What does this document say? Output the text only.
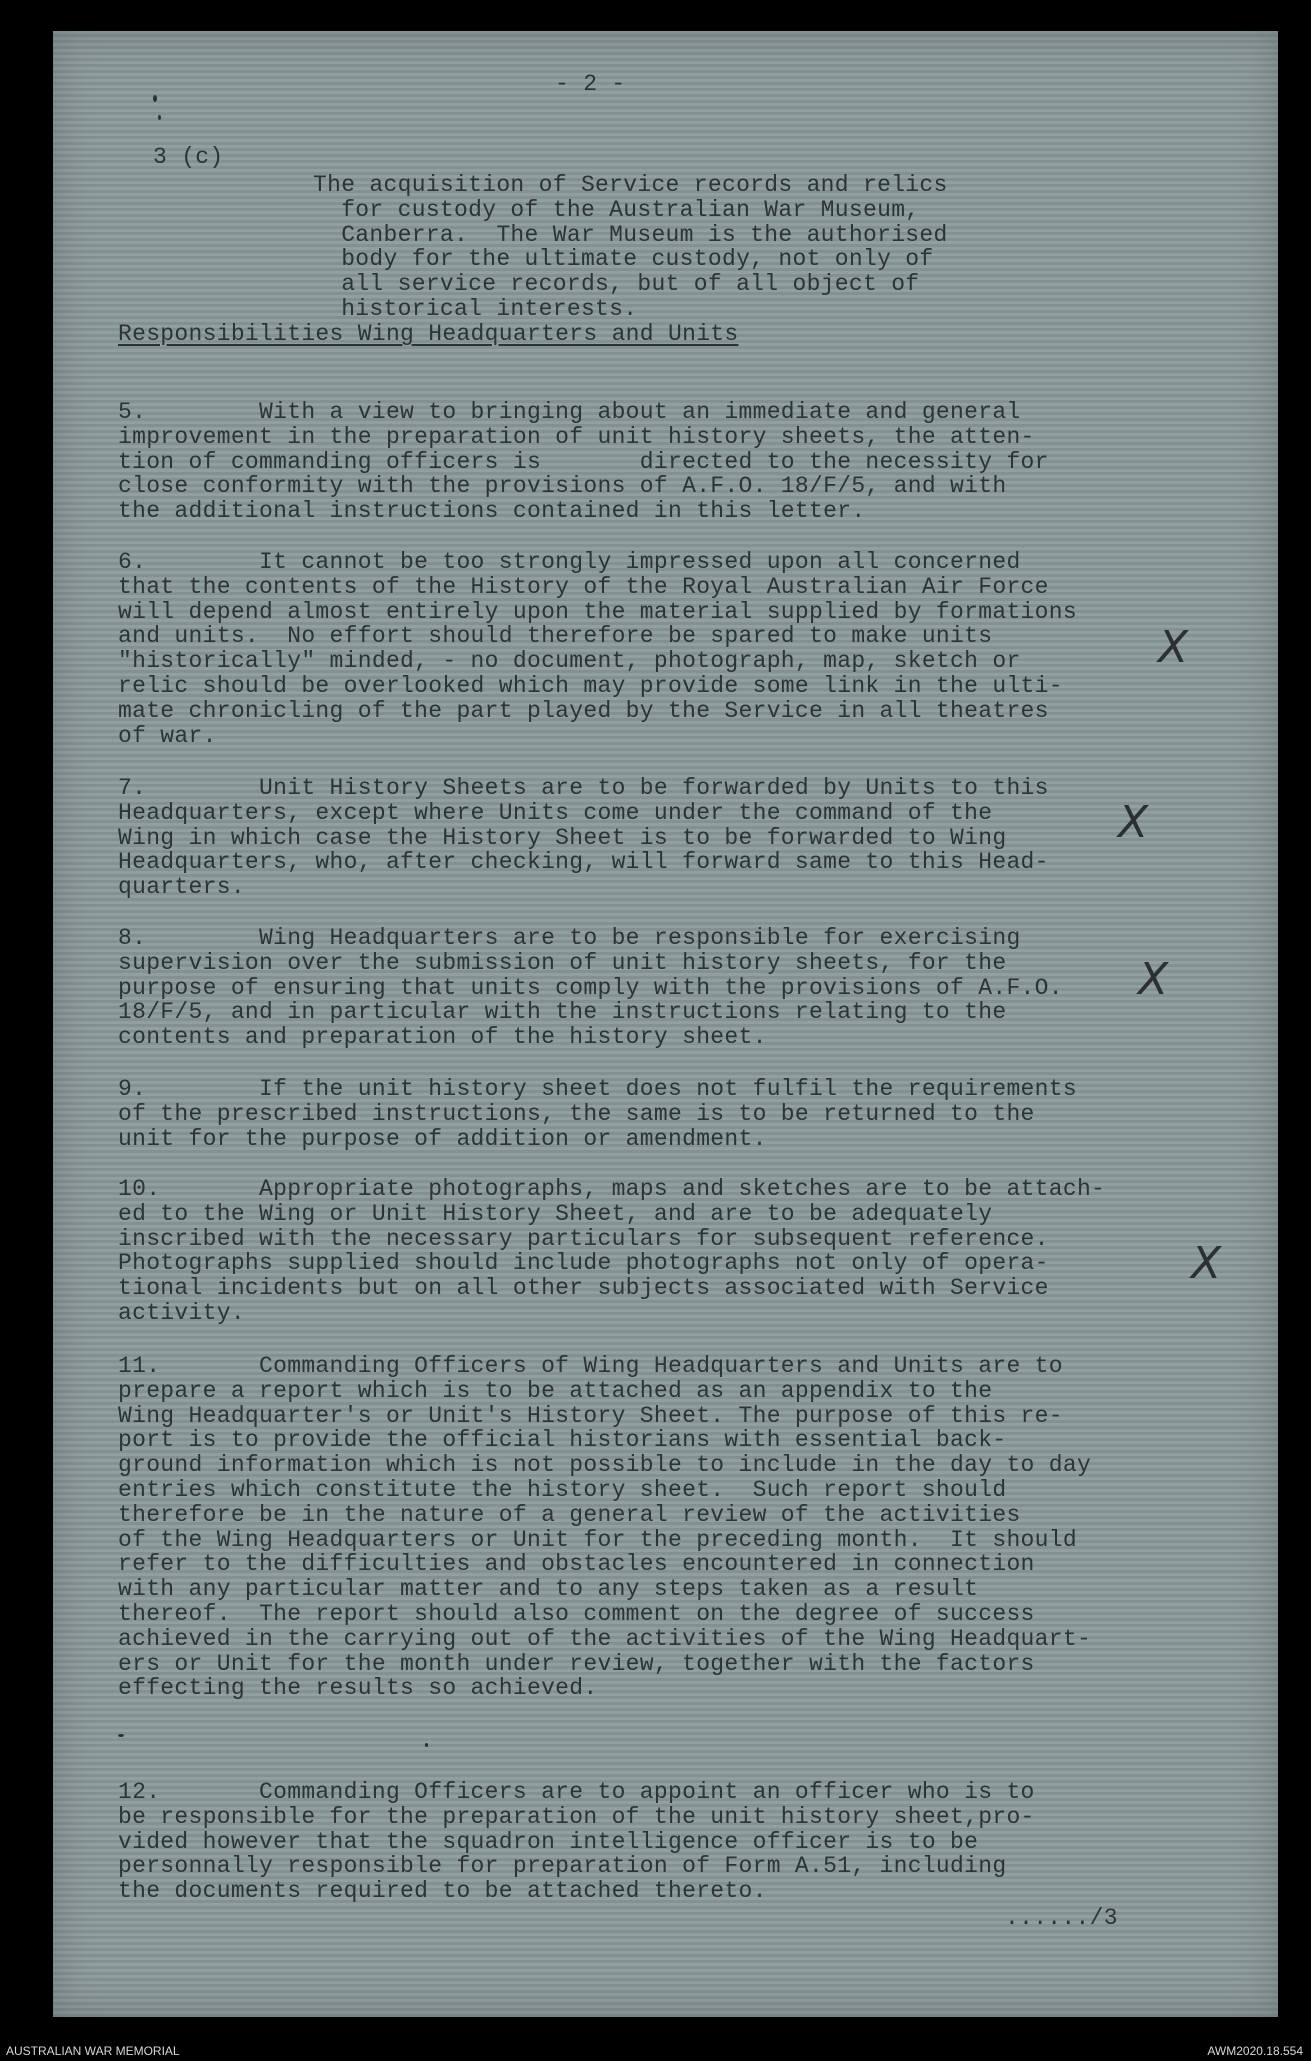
- 2 -
3 (c)

The acquisition of Service records and relics

for custody of the Australian War Museum,

Canberra.  The War Museum is the authorised

body for the ultimate custody, not only of

all service records, but of all object of

historical interests.

Responsibilities Wing Headquarters and Units

5.        With a view to bringing about an immediate and general

improvement in the preparation of unit history sheets, the atten-

tion of commanding officers is       directed to the necessity for

close conformity with the provisions of A.F.O. 18/F/5, and with

the additional instructions contained in this letter.

6.        It cannot be too strongly impressed upon all concerned

that the contents of the History of the Royal Australian Air Force

will depend almost entirely upon the material supplied by formations

and units.  No effort should therefore be spared to make units

"historically" minded, - no document, photograph, map, sketch or

relic should be overlooked which may provide some link in the ulti-

mate chronicling of the part played by the Service in all theatres

of war.

7.        Unit History Sheets are to be forwarded by Units to this

Headquarters, except where Units come under the command of the

Wing in which case the History Sheet is to be forwarded to Wing

Headquarters, who, after checking, will forward same to this Head-

quarters.

8.        Wing Headquarters are to be responsible for exercising

supervision over the submission of unit history sheets, for the

purpose of ensuring that units comply with the provisions of A.F.O.

18/F/5, and in particular with the instructions relating to the

contents and preparation of the history sheet.

9.        If the unit history sheet does not fulfil the requirements

of the prescribed instructions, the same is to be returned to the

unit for the purpose of addition or amendment.

10.       Appropriate photographs, maps and sketches are to be attach-

ed to the Wing or Unit History Sheet, and are to be adequately

inscribed with the necessary particulars for subsequent reference.

Photographs supplied should include photographs not only of opera-

tional incidents but on all other subjects associated with Service

activity.

11.       Commanding Officers of Wing Headquarters and Units are to

prepare a report which is to be attached as an appendix to the

Wing Headquarter's or Unit's History Sheet. The purpose of this re-

port is to provide the official historians with essential back-

ground information which is not possible to include in the day to day

entries which constitute the history sheet.  Such report should

therefore be in the nature of a general review of the activities

of the Wing Headquarters or Unit for the preceding month.  It should

refer to the difficulties and obstacles encountered in connection

with any particular matter and to any steps taken as a result

thereof.  The report should also comment on the degree of success

achieved in the carrying out of the activities of the Wing Headquart-

ers or Unit for the month under review, together with the factors

effecting the results so achieved.

12.       Commanding Officers are to appoint an officer who is to

be responsible for the preparation of the unit history sheet,pro-

vided however that the squadron intelligence officer is to be

personnally responsible for preparation of Form A.51, including

the documents required to be attached thereto.

....../3
X
X
X
X
AUSTRALIAN WAR MEMORIAL	AWM2020.18.554
